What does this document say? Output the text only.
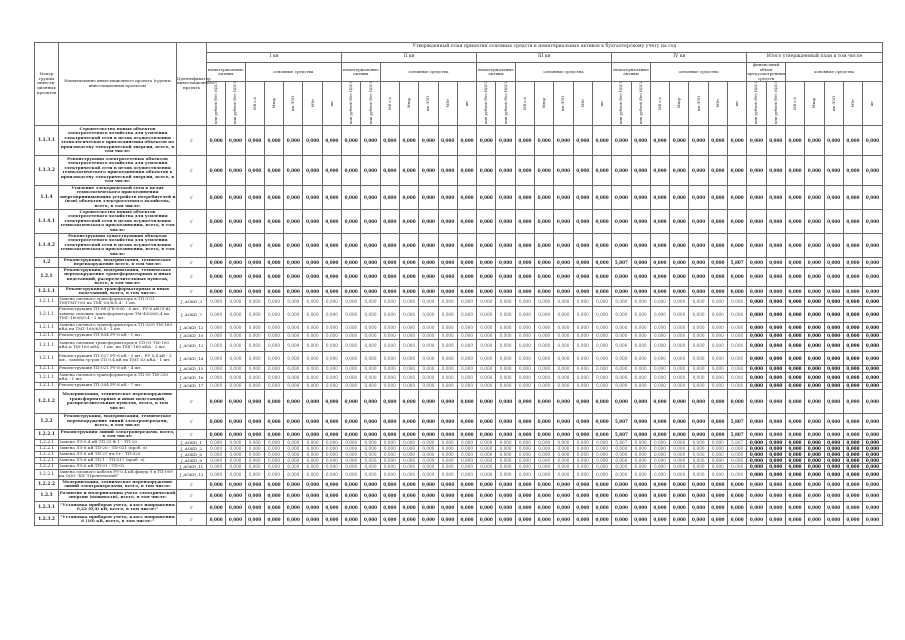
Номер группы инвести-ционных проектов	Наименование инвестиционного проекта (группы инвестиционных проектов)	Идентификатор инвестиционного проекта	Утвержденный план принятия основных средств и нематериальных активов к бухгалтерскому учету на год																																		
			I кв							II кв							III кв							IV кв							Итого утвержденный план в том числе						
			нематериальные активы		основные средства					нематериальные активы		основные средства					нематериальные активы		основные средства					нематериальные активы		основные средства					финансовый объем предусмотренных средств		основные средства				

			млн рублей (без НДС)	млн рублей (без НДС)	МВ×А	Мвар	км ЛЭП	МВт	шт	млн рублей (без НДС)	млн рублей (без НДС)	МВ×А	Мвар	км ЛЭП	МВт	шт	млн рублей (без НДС)	млн рублей (без НДС)	МВ×А	Мвар	км ЛЭП	МВт	шт	млн рублей (без НДС)	млн рублей (без НДС)	МВ×А	Мвар	км ЛЭП	МВт	шт	млн рублей (без НДС)	млн рублей (без НДС)	МВ×А	Мвар	км ЛЭП	МВт	шт

1.1.3.1	Строительство новых объектов электросетевого хозяйства для усиления электрической сети в целях осуществления технологического присоединения объектов по производству электрической энергии, всего, в том числе:	Г	0,000	0,000	0,000	0,000	0,000	0,000	0,000	0,000	0,000	0,000	0,000	0,000	0,000	0,000	0,000	0,000	0,000	0,000	0,000	0,000	0,000	0,000	0,000	0,000	0,000	0,000	0,000	0,000	0,000	0,000	0,000	0,000	0,000	0,000	0,000
1.1.3.2	Реконструкция электросетевых объектов электросетевого хозяйства для усиления электрической сети в целях осуществления технологического присоединения объектов к производству электрической энергии, всего, в том числе:	Г	0,000	0,000	0,000	0,000	0,000	0,000	0,000	0,000	0,000	0,000	0,000	0,000	0,000	0,000	0,000	0,000	0,000	0,000	0,000	0,000	0,000	0,000	0,000	0,000	0,000	0,000	0,000	0,000	0,000	0,000	0,000	0,000	0,000	0,000	0,000
1.1.4	Усиление электрической сети в целях технологического присоединения энергопринимающих устройств потребителей и (или) объектов электросетевого хозяйства, всего, в том числе:	Г	0,000	0,000	0,000	0,000	0,000	0,000	0,000	0,000	0,000	0,000	0,000	0,000	0,000	0,000	0,000	0,000	0,000	0,000	0,000	0,000	0,000	0,000	0,000	0,000	0,000	0,000	0,000	0,000	0,000	0,000	0,000	0,000	0,000	0,000	0,000
1.1.4.1	Строительство новых объектов электросетевого хозяйства для усиления электрической сети в целях осуществления технологического присоединения, всего, в том числе:	Г	0,000	0,000	0,000	0,000	0,000	0,000	0,000	0,000	0,000	0,000	0,000	0,000	0,000	0,000	0,000	0,000	0,000	0,000	0,000	0,000	0,000	0,000	0,000	0,000	0,000	0,000	0,000	0,000	0,000	0,000	0,000	0,000	0,000	0,000	0,000
1.1.4.2	Реконструкция существующих объектов электросетевого хозяйства для усиления электрической сети в целях осуществления технологического присоединения, всего, в том числе:	Г	0,000	0,000	0,000	0,000	0,000	0,000	0,000	0,000	0,000	0,000	0,000	0,000	0,000	0,000	0,000	0,000	0,000	0,000	0,000	0,000	0,000	0,000	0,000	0,000	0,000	0,000	0,000	0,000	0,000	0,000	0,000	0,000	0,000	0,000	0,000
1.2	Реконструкция, модернизация, техническое перевооружение всего, в том числе:	Г	0,000	0,000	0,000	0,000	0,000	0,000	0,000	0,000	0,000	0,000	0,000	0,000	0,000	0,000	0,000	0,000	0,000	0,000	0,000	0,000	0,000	5,807	0,000	0,000	0,000	0,000	0,000	5,807	0,000	0,000	0,000	0,000	0,000	0,000	0,000
1.2.1	Реконструкция, модернизация, техническое перевооружение трансформаторных и иных подстанций, распределительных пунктов, всего, в том числе:	Г	0,000	0,000	0,000	0,000	0,000	0,000	0,000	0,000	0,000	0,000	0,000	0,000	0,000	0,000	0,000	0,000	0,000	0,000	0,000	0,000	0,000	0,000	0,000	0,000	0,000	0,000	0,000	0,000	0,000	0,000	0,000	0,000	0,000	0,000	0,000
1.2.1.1	Реконструкция трансформаторных и иных подстанций, всего, в том числе:	Г	0,000	0,000	0,000	0,000	0,000	0,000	0,000	0,000	0,000	0,000	0,000	0,000	0,000	0,000	0,000	0,000	0,000	0,000	0,000	0,000	0,000	0,000	0,000	0,000	0,000	0,000	0,000	0,000	0,000	0,000	0,000	0,000	0,000	0,000	0,000
1.2.1.1	Замена силового трансформатора в ТП 07/1 ТМ(ТМГ)-63 на ТМГ-63/6/0,4 - 1 шт.	J_AOKD_3	0,000	0,000	0,000	0,000	0,000	0,000	0,000	0,000	0,000	0,000	0,000	0,000	0,000	0,000	0,000	0,000	0,000	0,000	0,000	0,000	0,000	0,000	0,000	0,000	0,000	0,000	0,000	0,000	0,000	0,000	0,000	0,000	0,000	0,000	0,000
1.2.1.1	Реконструкция ТП-8б (ГК-6-й) - 8 шт., РУ-6 кВ (5-й), замена силовых трансформаторов ТМ-400/6/0,4 на ТМГ-160/6/0,4 - 2 шт.	J_AOKD_7	0,000	0,000	0,000	0,000	0,000	0,000	0,000	0,000	0,000	0,000	0,000	0,000	0,000	0,000	0,000	0,000	0,000	0,000	0,000	0,000	0,000	0,000	0,000	0,000	0,000	0,000	0,000	0,000	0,000	0,000	0,000	0,000	0,000	0,000	0,000
1.2.1.1	Замена силового трансформатора в ТП 03/9 ТМ-160 кВА на ТМГ-160/6/0,4 - 1 шт.	J_AOKD_12	0,000	0,000	0,000	0,000	0,000	0,000	0,000	0,000	0,000	0,000	0,000	0,000	0,000	0,000	0,000	0,000	0,000	0,000	0,000	0,000	0,000	0,000	0,000	0,000	0,000	0,000	0,000	0,000	0,000	0,000	0,000	0,000	0,000	0,000	0,000
1.2.1.1	Реконструкция ТП-834 РУ-6 кВ - 1 шт.	J_AOKD_10	0,000	0,000	0,000	0,000	0,000	0,000	0,000	0,000	0,000	0,000	0,000	0,000	0,000	0,000	0,000	0,000	0,000	0,000	0,000	0,000	0,000	0,000	0,000	0,000	0,000	0,000	0,000	0,000	0,000	0,000	0,000	0,000	0,000	0,000	0,000
1.2.1.1	Замена силовых трансформаторов в ТП-01 ТМ-100 кВА и ТМ-160 кВА - 1 шт. на ТМГ-160 кВА - 2 шт.	J_AOKD_12	0,000	0,000	0,000	0,000	0,000	0,000	0,000	0,000	0,000	0,000	0,000	0,000	0,000	0,000	0,000	0,000	0,000	0,000	0,000	0,000	0,000	0,000	0,000	0,000	0,000	0,000	0,000	0,000	0,000	0,000	0,000	0,000	0,000	0,000	0,000
1.2.1.1	Реконструкция ТП-027 РУ-6 кВ - 3 шт., РУ 0,4 кВ - 3 шт., замена тр-ров ТП 0,4 кВ на ТМГ 63 кВА - 1 шт.	J_AOKD_14	0,000	0,000	0,000	0,000	0,000	0,000	0,000	0,000	0,000	0,000	0,000	0,000	0,000	0,000	0,000	0,000	0,000	0,000	0,000	0,000	0,000	0,000	0,000	0,000	0,000	0,000	0,000	0,000	0,000	0,000	0,000	0,000	0,000	0,000	0,000
1.2.1.1	Реконструкция ТП-021 РУ-6 кВ - 4 шт.	J_AOKD_15	0,000	0,000	0,000	0,000	0,000	0,000	0,000	0,000	0,000	0,000	0,000	0,000	0,000	0,000	0,000	0,000	0,000	0,000	0,000	0,000	0,000	0,000	0,000	0,000	0,000	0,000	0,000	0,000	0,000	0,000	0,000	0,000	0,000	0,000	0,000
1.2.1.1	Замена силового трансформатора в ТП 09 ТМ-250 кВА - 1 шт.	J_AOKD_16	0,000	0,000	0,000	0,000	0,000	0,000	0,000	0,000	0,000	0,000	0,000	0,000	0,000	0,000	0,000	0,000	0,000	0,000	0,000	0,000	0,000	0,000	0,000	0,000	0,000	0,000	0,000	0,000	0,000	0,000	0,000	0,000	0,000	0,000	0,000
1.2.1.1	Реконструкция ТП-304 РУ-6 кВ - 7 шт.	J_AOKD_17	0,000	0,000	0,000	0,000	0,000	0,000	0,000	0,000	0,000	0,000	0,000	0,000	0,000	0,000	0,000	0,000	0,000	0,000	0,000	0,000	0,000	0,000	0,000	0,000	0,000	0,000	0,000	0,000	0,000	0,000	0,000	0,000	0,000	0,000	0,000
1.2.1.2	Модернизация, техническое перевооружение трансформаторных и иных подстанций, распределительных пунктов, всего, в том числе:	Г	0,000	0,000	0,000	0,000	0,000	0,000	0,000	0,000	0,000	0,000	0,000	0,000	0,000	0,000	0,000	0,000	0,000	0,000	0,000	0,000	0,000	0,000	0,000	0,000	0,000	0,000	0,000	0,000	0,000	0,000	0,000	0,000	0,000	0,000	0,000
1.2.2	Реконструкция, модернизация, техническое перевооружение линий электропередачи, всего, в том числе:	Г	0,000	0,000	0,000	0,000	0,000	0,000	0,000	0,000	0,000	0,000	0,000	0,000	0,000	0,000	0,000	0,000	0,000	0,000	0,000	0,000	0,000	5,807	0,000	0,000	0,000	0,000	0,000	5,807	0,000	0,000	0,000	0,000	0,000	0,000	0,000
1.2.2.1	Реконструкция линий электропередачи, всего, в том числе:	Г	0,000	0,000	0,000	0,000	0,000	0,000	0,000	0,000	0,000	0,000	0,000	0,000	0,000	0,000	0,000	0,000	0,000	0,000	0,000	0,000	0,000	5,807	0,000	0,000	0,000	0,000	0,000	5,807	0,000	0,000	0,000	0,000	0,000	0,000	0,000
1.2.2.1	Замена ЛЭ 0,4 кВ ТП 21-Ф 1 - ТП-20	J_AOKD_1	0,000	0,000	0,000	0,000	0,000	0,000	0,000	0,000	0,000	0,000	0,000	0,000	0,000	0,000	0,000	0,000	0,000	0,000	0,000	0,000	0,000	5,807	0,000	0,000	0,000	0,000	0,000	5,807	0,000	0,000	0,000	0,000	0,000	0,000	0,000
1.2.2.1	Замена ЛЭ 6 кВ ТП-20 - ТП-021 (проб. л)	J_AOKD_2	0,000	0,000	0,000	0,000	0,000	0,000	0,000	0,000	0,000	0,000	0,000	0,000	0,000	0,000	0,000	0,000	0,000	0,000	0,000	0,000	0,000	0,000	0,000	0,000	0,000	0,000	0,000	0,000	0,000	0,000	0,000	0,000	0,000	0,000	0,000
1.2.2.1	Замена ЛЭ 6 кВ ТП-27 яч.Ст - ТП-020	J_AOKD_6	0,000	0,000	0,000	0,000	0,000	0,000	0,000	0,000	0,000	0,000	0,000	0,000	0,000	0,000	0,000	0,000	0,000	0,000	0,000	0,000	0,000	0,000	0,000	0,000	0,000	0,000	0,000	0,000	0,000	0,000	0,000	0,000	0,000	0,000	0,000
1.2.2.1	Замена ЛЭ 6 кВ ТП-1 - ТП-017 (проб. л)	J_AOKD_8	0,000	0,000	0,000	0,000	0,000	0,000	0,000	0,000	0,000	0,000	0,000	0,000	0,000	0,000	0,000	0,000	0,000	0,000	0,000	0,000	0,000	0,000	0,000	0,000	0,000	0,000	0,000	0,000	0,000	0,000	0,000	0,000	0,000	0,000	0,000
1.2.2.1	Замена ЛЭ 6 кВ ТП-01 - ТП-02	J_AOKD_11	0,000	0,000	0,000	0,000	0,000	0,000	0,000	0,000	0,000	0,000	0,000	0,000	0,000	0,000	0,000	0,000	0,000	0,000	0,000	0,000	0,000	0,000	0,000	0,000	0,000	0,000	0,000	0,000	0,000	0,000	0,000	0,000	0,000	0,000	0,000
1.2.2.1	Замена силового кабеля РУ-0,4 кВ фидер 9 в ТП-009 на ООО "КХ "Промтехснаб"	J_AOKD_13	0,000	0,000	0,000	0,000	0,000	0,000	0,000	0,000	0,000	0,000	0,000	0,000	0,000	0,000	0,000	0,000	0,000	0,000	0,000	0,000	0,000	0,000	0,000	0,000	0,000	0,000	0,000	0,000	0,000	0,000	0,000	0,000	0,000	0,000	0,000
1.2.2.2	Модернизация, техническое перевооружение линий электропередачи, всего, в том числе:	Г	0,000	0,000	0,000	0,000	0,000	0,000	0,000	0,000	0,000	0,000	0,000	0,000	0,000	0,000	0,000	0,000	0,000	0,000	0,000	0,000	0,000	0,000	0,000	0,000	0,000	0,000	0,000	0,000	0,000	0,000	0,000	0,000	0,000	0,000	0,000
1.2.3	Развитие и модернизация учета электрической энергии (мощности), всего, в том числе:	Г	0,000	0,000	0,000	0,000	0,000	0,000	0,000	0,000	0,000	0,000	0,000	0,000	0,000	0,000	0,000	0,000	0,000	0,000	0,000	0,000	0,000	0,000	0,000	0,000	0,000	0,000	0,000	0,000	0,000	0,000	0,000	0,000	0,000	0,000	0,000
1.2.3.1	"Установка приборов учета, класс напряжения 0,22 (0,4) кВ, всего, в том числе:"	Г	0,000	0,000	0,000	0,000	0,000	0,000	0,000	0,000	0,000	0,000	0,000	0,000	0,000	0,000	0,000	0,000	0,000	0,000	0,000	0,000	0,000	0,000	0,000	0,000	0,000	0,000	0,000	0,000	0,000	0,000	0,000	0,000	0,000	0,000	0,000
1.2.3.2	"Установка приборов учета, класс напряжения 6 (10) кВ, всего, в том числе:"	Г	0,000	0,000	0,000	0,000	0,000	0,000	0,000	0,000	0,000	0,000	0,000	0,000	0,000	0,000	0,000	0,000	0,000	0,000	0,000	0,000	0,000	0,000	0,000	0,000	0,000	0,000	0,000	0,000	0,000	0,000	0,000	0,000	0,000	0,000	0,000
